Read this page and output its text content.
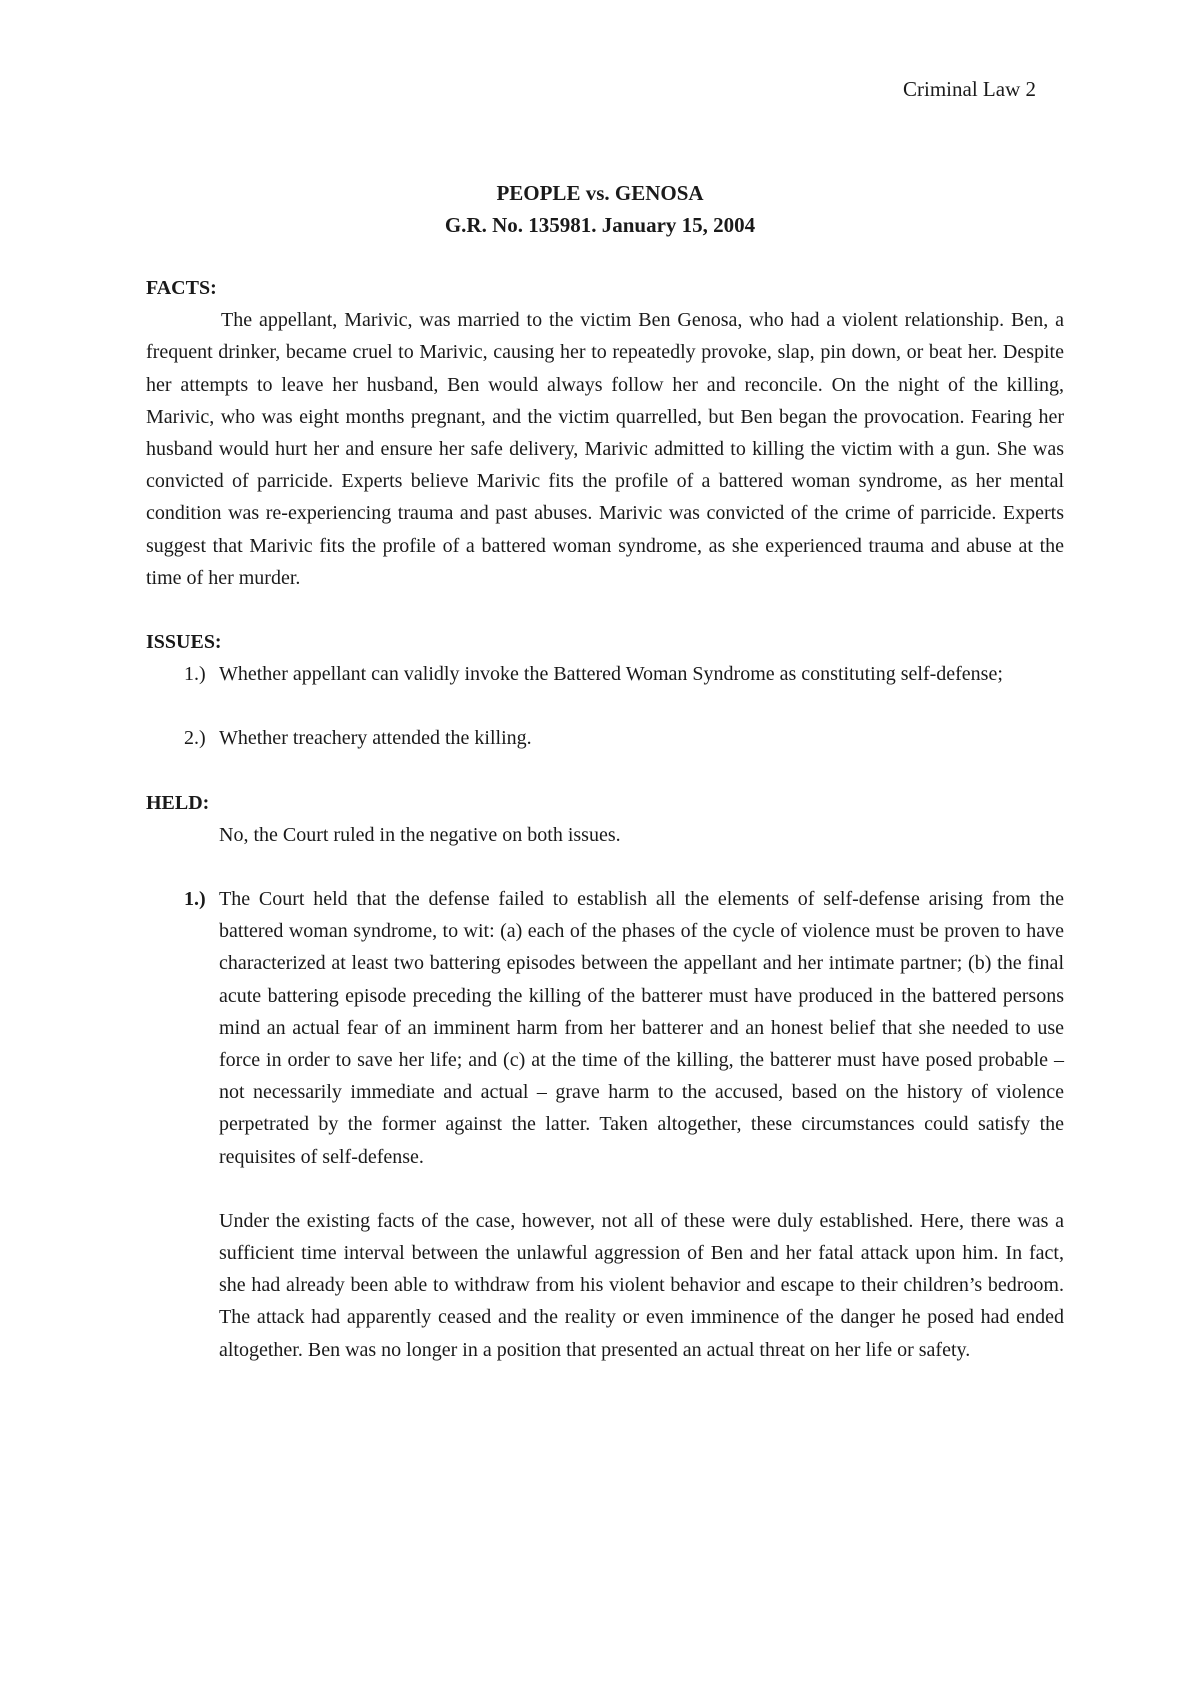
Criminal Law 2
PEOPLE vs. GENOSA
G.R. No. 135981. January 15, 2004

FACTS:

The appellant, Marivic, was married to the victim Ben Genosa, who had a violent relationship. Ben, a frequent drinker, became cruel to Marivic, causing her to repeatedly provoke, slap, pin down, or beat her. Despite her attempts to leave her husband, Ben would always follow her and reconcile. On the night of the killing, Marivic, who was eight months pregnant, and the victim quarrelled, but Ben began the provocation. Fearing her husband would hurt her and ensure her safe delivery, Marivic admitted to killing the victim with a gun. She was convicted of parricide. Experts believe Marivic fits the profile of a battered woman syndrome, as her mental condition was re-experiencing trauma and past abuses. Marivic was convicted of the crime of parricide. Experts suggest that Marivic fits the profile of a battered woman syndrome, as she experienced trauma and abuse at the time of her murder.

ISSUES:

1.) Whether appellant can validly invoke the Battered Woman Syndrome as constituting self-defense;
2.) Whether treachery attended the killing.

HELD:

No, the Court ruled in the negative on both issues.

1.) The Court held that the defense failed to establish all the elements of self-defense arising from the battered woman syndrome, to wit: (a) each of the phases of the cycle of violence must be proven to have characterized at least two battering episodes between the appellant and her intimate partner; (b) the final acute battering episode preceding the killing of the batterer must have produced in the battered persons mind an actual fear of an imminent harm from her batterer and an honest belief that she needed to use force in order to save her life; and (c) at the time of the killing, the batterer must have posed probable – not necessarily immediate and actual – grave harm to the accused, based on the history of violence perpetrated by the former against the latter. Taken altogether, these circumstances could satisfy the requisites of self-defense.

Under the existing facts of the case, however, not all of these were duly established. Here, there was a sufficient time interval between the unlawful aggression of Ben and her fatal attack upon him. In fact, she had already been able to withdraw from his violent behavior and escape to their children’s bedroom. The attack had apparently ceased and the reality or even imminence of the danger he posed had ended altogether. Ben was no longer in a position that presented an actual threat on her life or safety.
